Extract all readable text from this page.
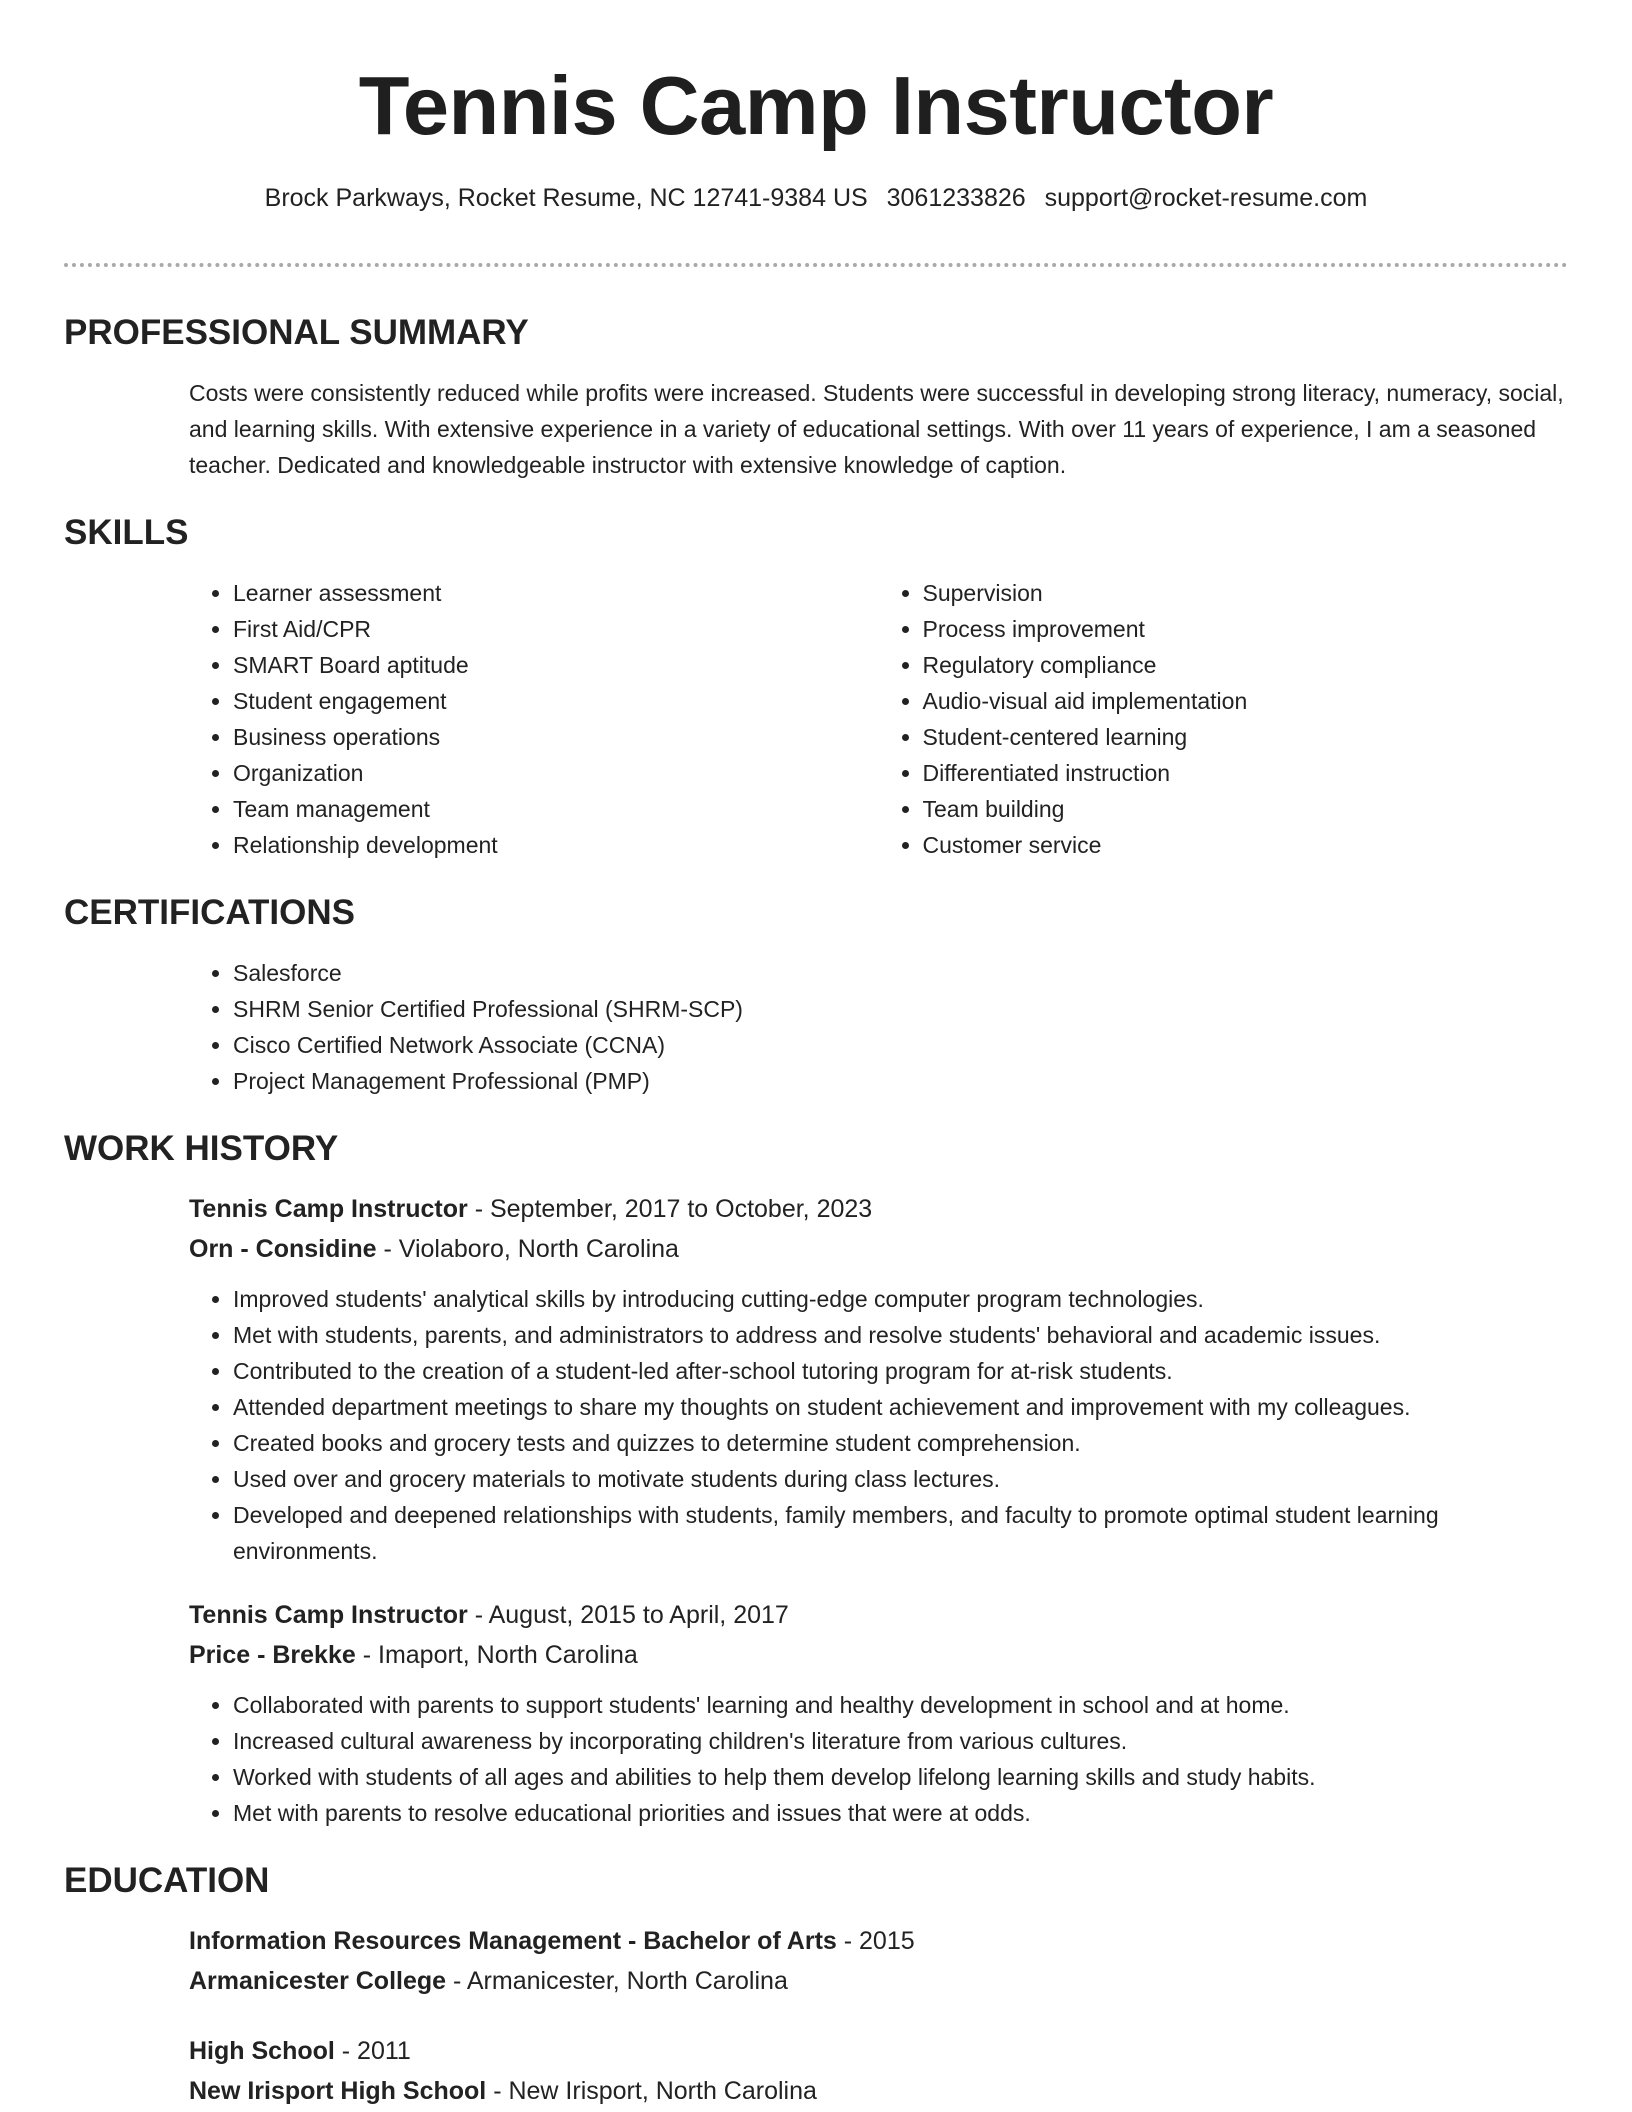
Tennis Camp Instructor
Brock Parkways, Rocket Resume, NC 12741-9384 US 3061233826 support@rocket-resume.com
PROFESSIONAL SUMMARY

Costs were consistently reduced while profits were increased. Students were successful in developing strong literacy, numeracy, social, and learning skills. With extensive experience in a variety of educational settings. With over 11 years of experience, I am a seasoned teacher. Dedicated and knowledgeable instructor with extensive knowledge of caption.

SKILLS
• Learner assessment
• First Aid/CPR
• SMART Board aptitude
• Student engagement
• Business operations
• Organization
• Team management
• Relationship development
• Supervision
• Process improvement
• Regulatory compliance
• Audio-visual aid implementation
• Student-centered learning
• Differentiated instruction
• Team building
• Customer service
CERTIFICATIONS
• Salesforce
• SHRM Senior Certified Professional (SHRM-SCP)
• Cisco Certified Network Associate (CCNA)
• Project Management Professional (PMP)
WORK HISTORY
Tennis Camp Instructor - September, 2017 to October, 2023
Orn - Considine - Violaboro, North Carolina
• Improved students' analytical skills by introducing cutting-edge computer program technologies.
• Met with students, parents, and administrators to address and resolve students' behavioral and academic issues.
• Contributed to the creation of a student-led after-school tutoring program for at-risk students.
• Attended department meetings to share my thoughts on student achievement and improvement with my colleagues.
• Created books and grocery tests and quizzes to determine student comprehension.
• Used over and grocery materials to motivate students during class lectures.
• Developed and deepened relationships with students, family members, and faculty to promote optimal student learning environments.
Tennis Camp Instructor - August, 2015 to April, 2017
Price - Brekke - Imaport, North Carolina
• Collaborated with parents to support students' learning and healthy development in school and at home.
• Increased cultural awareness by incorporating children's literature from various cultures.
• Worked with students of all ages and abilities to help them develop lifelong learning skills and study habits.
• Met with parents to resolve educational priorities and issues that were at odds.
EDUCATION
Information Resources Management - Bachelor of Arts - 2015
Armanicester College - Armanicester, North Carolina
High School - 2011
New Irisport High School - New Irisport, North Carolina
